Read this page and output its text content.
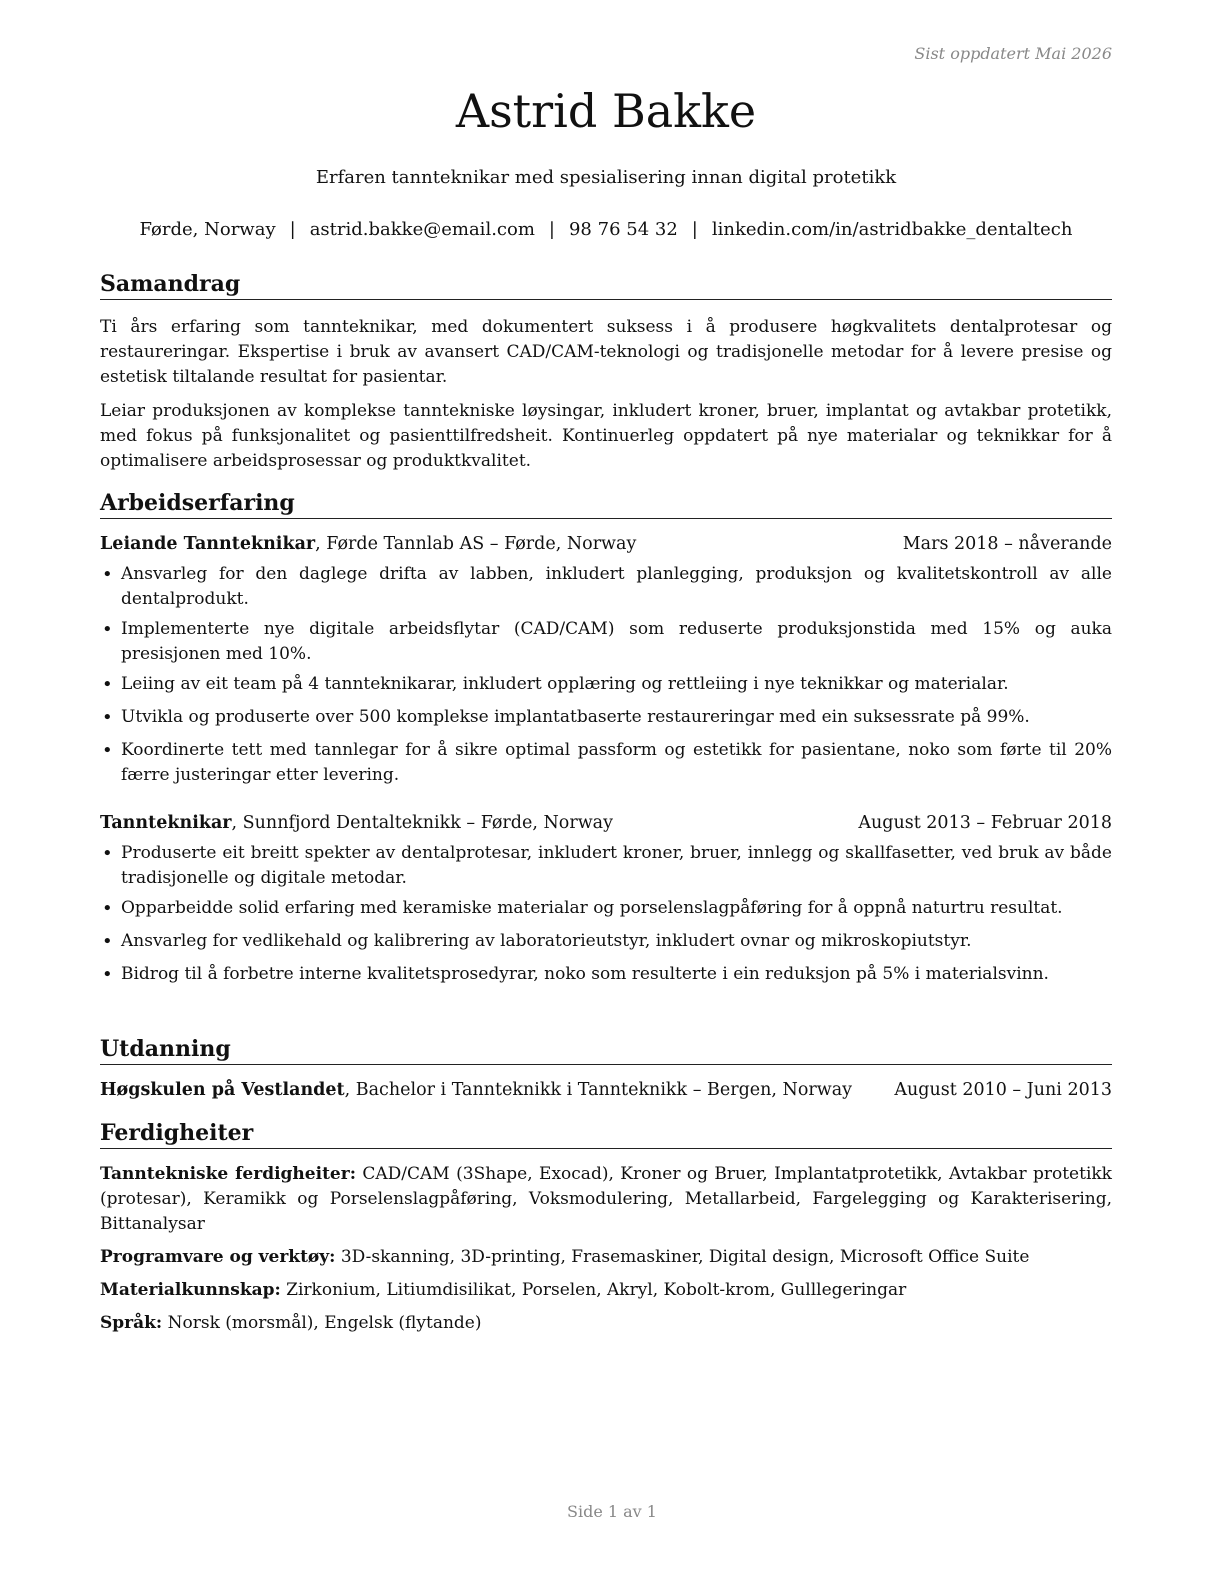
Sist oppdatert Mai 2026
Astrid Bakke
Erfaren tannteknikar med spesialisering innan digital protetikk
Førde, Norway | astrid.bakke@email.com | 98 76 54 32 | linkedin.com/in/astridbakke_dentaltech
Samandrag

Ti års erfaring som tannteknikar, med dokumentert suksess i å produsere høgkvalitets dentalprotesar og restaureringar. Ekspertise i bruk av avansert CAD/CAM-teknologi og tradisjonelle metodar for å levere presise og estetisk tiltalande resultat for pasientar.

Leiar produksjonen av komplekse tanntekniske løysingar, inkludert kroner, bruer, implantat og avtakbar protetikk, med fokus på funksjonalitet og pasienttilfredsheit. Kontinuerleg oppdatert på nye materialar og teknikkar for å optimalisere arbeidsprosessar og produktkvalitet.

Arbeidserfaring
Leiande Tannteknikar, Førde Tannlab AS – Førde, Norway	Mars 2018 – nåverande
• Ansvarleg for den daglege drifta av labben, inkludert planlegging, produksjon og kvalitetskontroll av alle dentalprodukt.
• Implementerte nye digitale arbeidsflytar (CAD/CAM) som reduserte produksjonstida med 15% og auka presisjonen med 10%.
• Leiing av eit team på 4 tannteknikarar, inkludert opplæring og rettleiing i nye teknikkar og materialar.
• Utvikla og produserte over 500 komplekse implantatbaserte restaureringar med ein suksessrate på 99%.
• Koordinerte tett med tannlegar for å sikre optimal passform og estetikk for pasientane, noko som førte til 20% færre justeringar etter levering.
Tannteknikar, Sunnfjord Dentalteknikk – Førde, Norway	August 2013 – Februar 2018
• Produserte eit breitt spekter av dentalprotesar, inkludert kroner, bruer, innlegg og skallfasetter, ved bruk av både tradisjonelle og digitale metodar.
• Opparbeidde solid erfaring med keramiske materialar og porselenslagpåføring for å oppnå naturtru resultat.
• Ansvarleg for vedlikehald og kalibrering av laboratorieutstyr, inkludert ovnar og mikroskopiutstyr.
• Bidrog til å forbetre interne kvalitetsprosedyrar, noko som resulterte i ein reduksjon på 5% i materialsvinn.
Utdanning
Høgskulen på Vestlandet, Bachelor i Tannteknikk i Tannteknikk – Bergen, Norway August 2010 – Juni 2013
Ferdigheiter
Tanntekniske ferdigheiter: CAD/CAM (3Shape, Exocad), Kroner og Bruer, Implantatprotetikk, Avtakbar protetikk (protesar), Keramikk og Porselenslagpåføring, Voksmodulering, Metallarbeid, Fargelegging og Karakterisering, Bittanalysar
Programvare og verktøy: 3D-skanning, 3D-printing, Frasemaskiner, Digital design, Microsoft Office Suite
Materialkunnskap: Zirkonium, Litiumdisilikat, Porselen, Akryl, Kobolt-krom, Gulllegeringar
Språk: Norsk (morsmål), Engelsk (flytande)
Side 1 av 1
